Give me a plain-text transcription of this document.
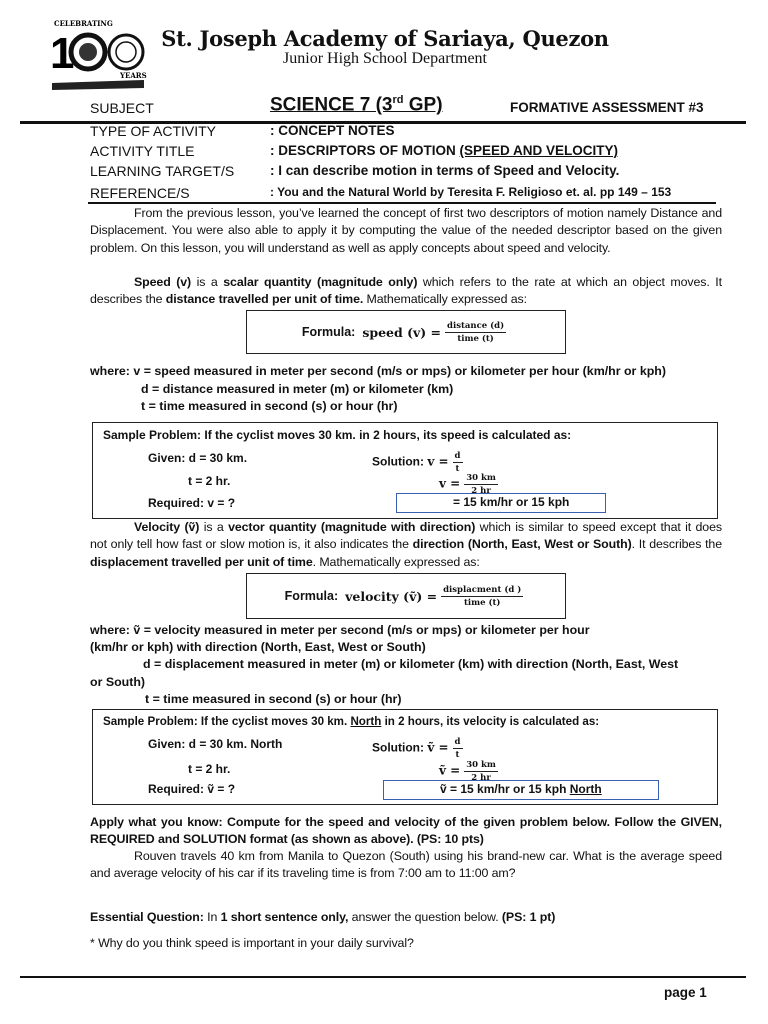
CELEBRATING
1	YEARS
St. Joseph Academy of Sariaya, Quezon
Junior High School Department
SUBJECT	SCIENCE 7 (3rd GP)	FORMATIVE ASSESSMENT #3
TYPE OF ACTIVITY	: CONCEPT NOTES
ACTIVITY TITLE	: DESCRIPTORS OF MOTION (SPEED AND VELOCITY)
LEARNING TARGET/S	: I can describe motion in terms of Speed and Velocity.
REFERENCE/S	: You and the Natural World by Teresita F. Religioso et. al. pp 149 – 153
From the previous lesson, you’ve learned the concept of first two descriptors of motion namely Distance and Displacement. You were also able to apply it by computing the value of the needed descriptor based on the given problem. On this lesson, you will understand as well as apply concepts about speed and velocity.
Speed (v) is a scalar quantity (magnitude only) which refers to the rate at which an object moves. It describes the distance travelled per unit of time. Mathematically expressed as:
Formula:
speed $(v) = \frac{\text{distance (d)}}{\text{time (t)}}$
where: v = speed measured in meter per second (m/s or mps) or kilometer per hour (km/hr or kph)
d = distance measured in meter (m) or kilometer (km)
t = time measured in second (s) or hour (hr)
Sample Problem: If the cyclist moves 30 km. in 2 hours, its speed is calculated as:
Given: d = 30 km.
t = 2 hr.
Required: v = ?
Solution: $v = \frac{d}{t}$
$v = \frac{30 km}{2 hr}$
= 15 km/hr or 15 kph
Velocity (ṽ) is a vector quantity (magnitude with direction) which is similar to speed except that it does not only tell how fast or slow motion is, it also indicates the direction (North, East, West or South). It describes the displacement travelled per unit of time. Mathematically expressed as:
Formula:
velocity (ṽ) = $\frac{\text{displacment (d )}}{\text{time (t)}}$
where: ṽ = velocity measured in meter per second (m/s or mps) or kilometer per hour
(km/hr or kph) with direction (North, East, West or South)
d = displacement measured in meter (m) or kilometer (km) with direction (North, East, West
or South)
t = time measured in second (s) or hour (hr)
Sample Problem: If the cyclist moves 30 km. North in 2 hours, its velocity is calculated as:
Given: d = 30 km. North
t = 2 hr.
Required: ṽ = ?
Solution: ṽ = $\frac{d}{t}$
ṽ = $\frac{30 km}{2 hr}$
ṽ = 15 km/hr or 15 kph North
Apply what you know: Compute for the speed and velocity of the given problem below. Follow the GIVEN, REQUIRED and SOLUTION format (as shown as above). (PS: 10 pts)
Rouven travels 40 km from Manila to Quezon (South) using his brand-new car. What is the average speed and average velocity of his car if its traveling time is from 7:00 am to 11:00 am?
Essential Question: In 1 short sentence only, answer the question below. (PS: 1 pt)
* Why do you think speed is important in your daily survival?
page 1
